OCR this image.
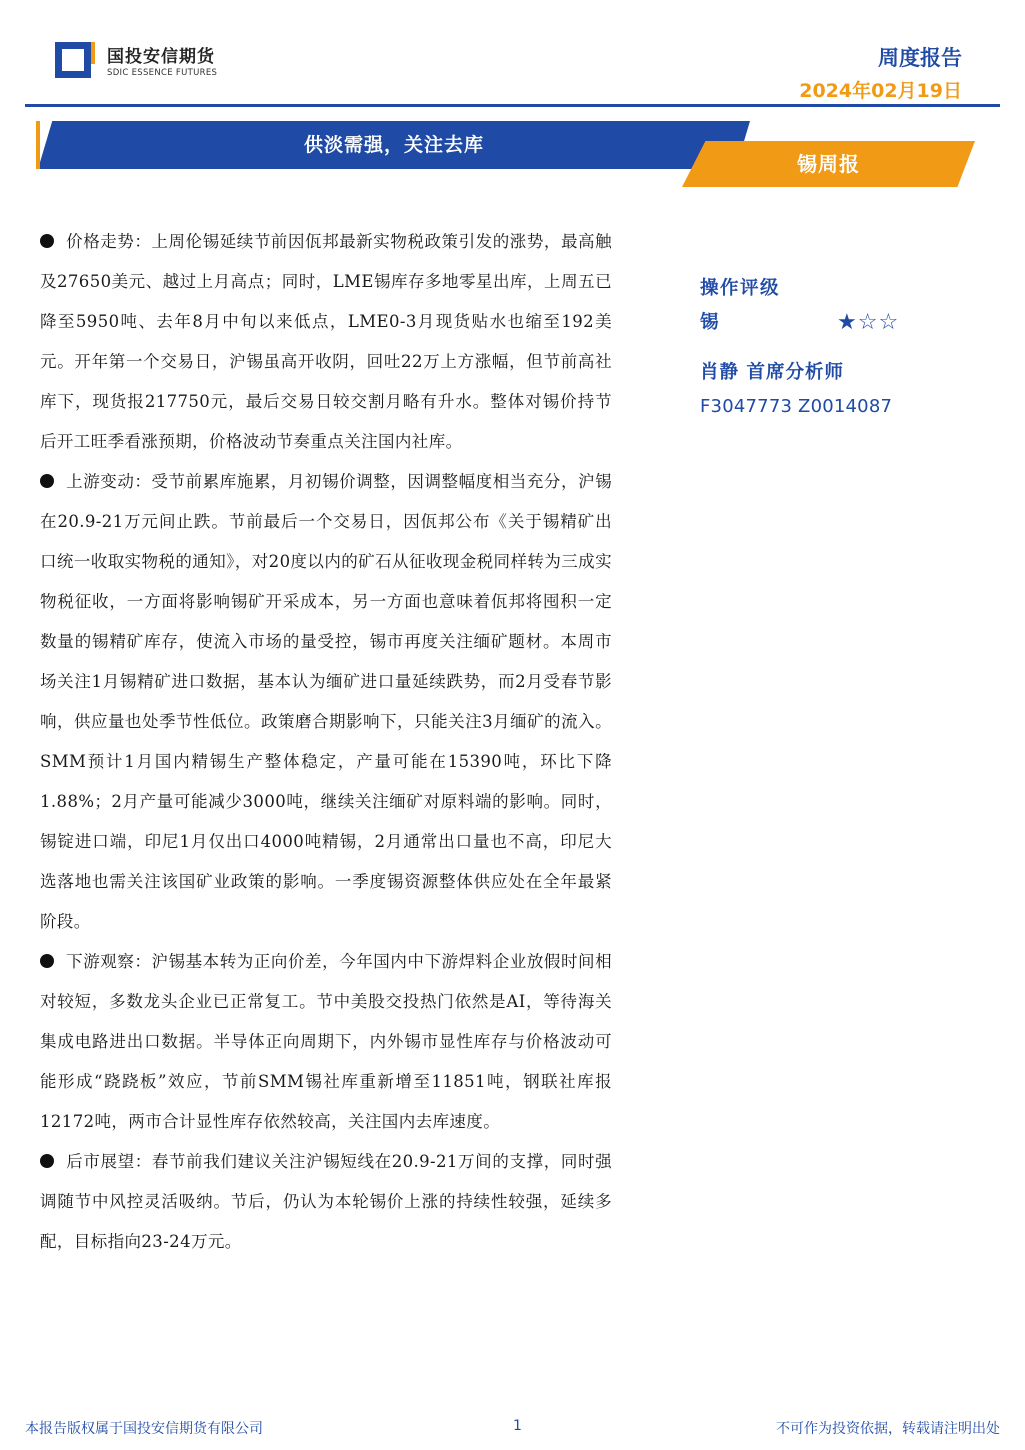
国投安信期货
SDIC ESSENCE FUTURES
周度报告
2024年02月19日
供淡需强，关注去库
锡周报

价格走势：上周伦锡延续节前因佤邦最新实物税政策引发的涨势，最高触及27650美元、越过上月高点；同时，LME锡库存多地零星出库，上周五已降至5950吨、去年8月中旬以来低点，LME0-3月现货贴水也缩至192美元。开年第一个交易日，沪锡虽高开收阴，回吐22万上方涨幅，但节前高社库下，现货报217750元，最后交易日较交割月略有升水。整体对锡价持节后开工旺季看涨预期，价格波动节奏重点关注国内社库。

上游变动：受节前累库施累，月初锡价调整，因调整幅度相当充分，沪锡在20.9-21万元间止跌。节前最后一个交易日，因佤邦公布《关于锡精矿出口统一收取实物税的通知》，对20度以内的矿石从征收现金税同样转为三成实物税征收，一方面将影响锡矿开采成本，另一方面也意味着佤邦将囤积一定数量的锡精矿库存，使流入市场的量受控，锡市再度关注缅矿题材。本周市场关注1月锡精矿进口数据，基本认为缅矿进口量延续跌势，而2月受春节影响，供应量也处季节性低位。政策磨合期影响下，只能关注3月缅矿的流入。SMM预计1月国内精锡生产整体稳定，产量可能在15390吨，环比下降1.88%；2月产量可能减少3000吨，继续关注缅矿对原料端的影响。同时，锡锭进口端，印尼1月仅出口4000吨精锡，2月通常出口量也不高，印尼大选落地也需关注该国矿业政策的影响。一季度锡资源整体供应处在全年最紧阶段。

下游观察：沪锡基本转为正向价差，今年国内中下游焊料企业放假时间相对较短，多数龙头企业已正常复工。节中美股交投热门依然是AI，等待海关集成电路进出口数据。半导体正向周期下，内外锡市显性库存与价格波动可能形成“跷跷板”效应，节前SMM锡社库重新增至11851吨，钢联社库报12172吨，两市合计显性库存依然较高，关注国内去库速度。

后市展望：春节前我们建议关注沪锡短线在20.9-21万间的支撑，同时强调随节中风控灵活吸纳。节后，仍认为本轮锡价上涨的持续性较强，延续多配，目标指向23-24万元。

操作评级
锡	★☆☆
肖静 首席分析师
F3047773 Z0014087
本报告版权属于国投安信期货有限公司	1	不可作为投资依据，转载请注明出处
